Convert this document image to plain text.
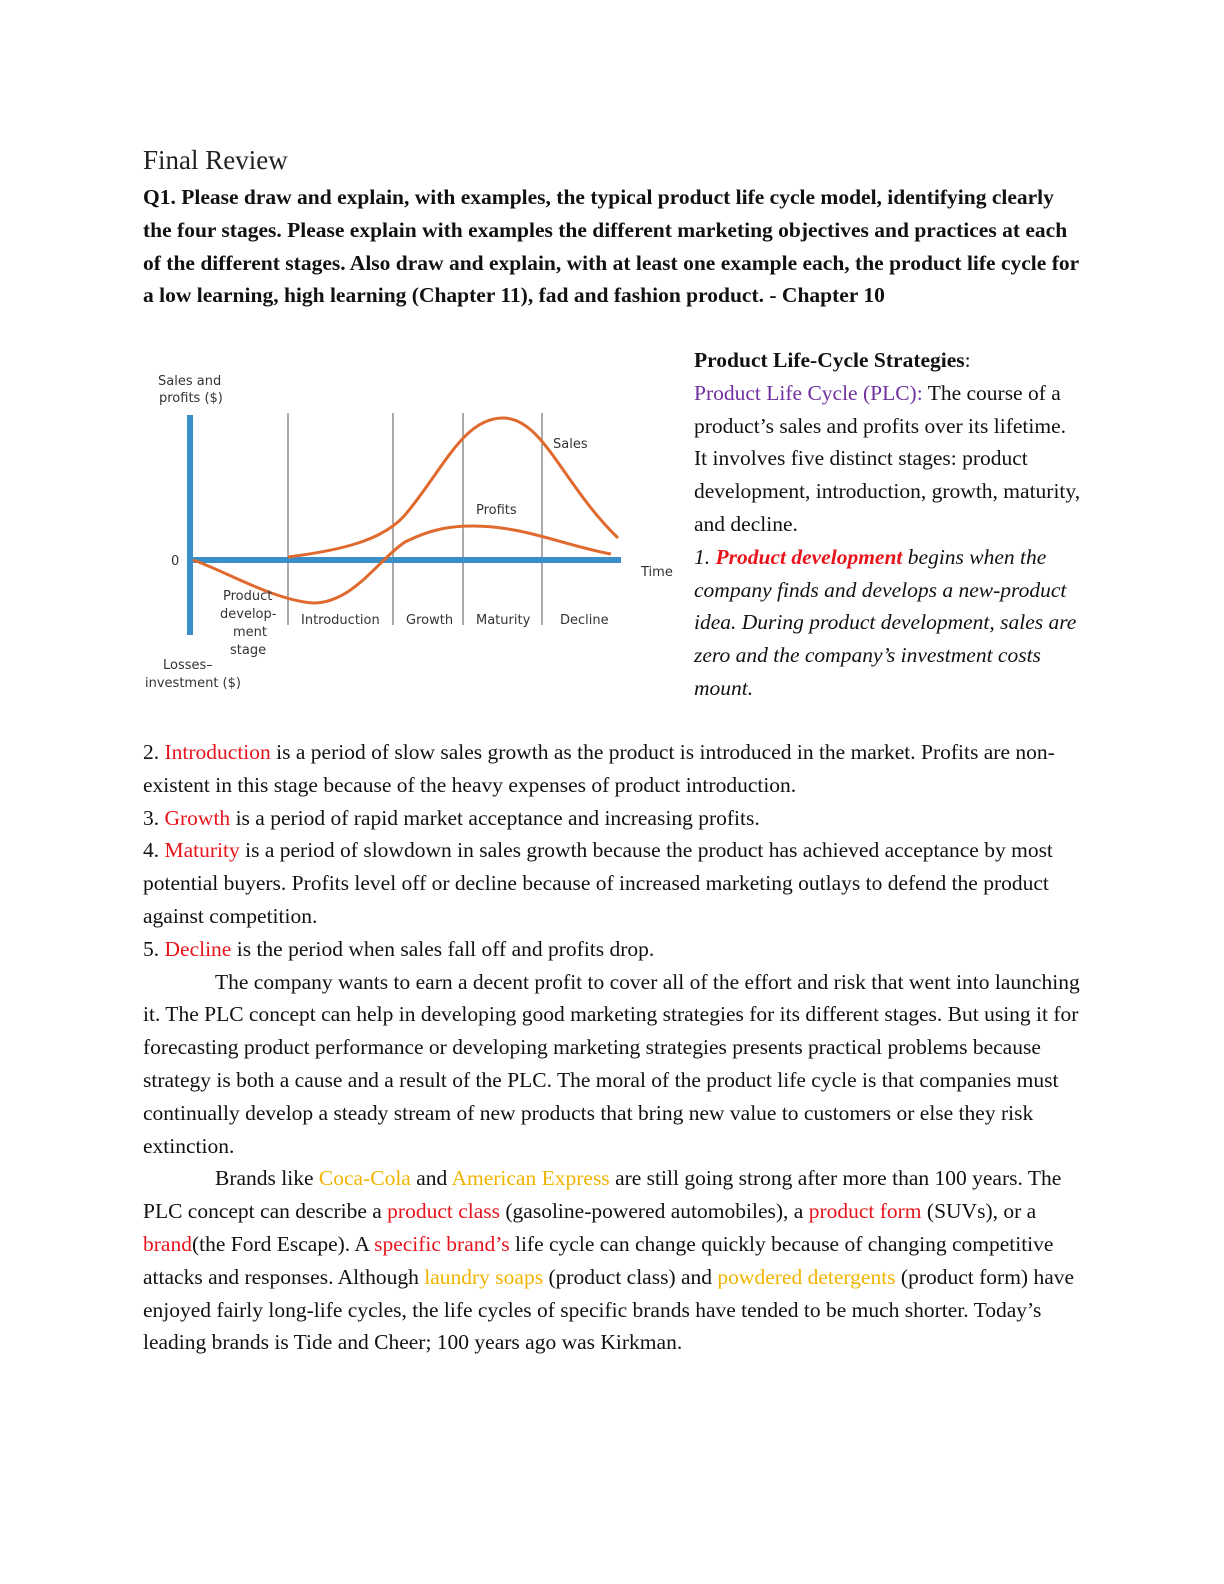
Final Review
Q1. Please draw and explain, with examples, the typical product life cycle model, identifying clearly the four stages. Please explain with examples the different marketing objectives and practices at each of the different stages. Also draw and explain, with at least one example each, the product life cycle for a low learning, high learning (Chapter 11), fad and fashion product. - Chapter 10
Sales and
profits ($)
0
Losses–
investment ($)
Sales
Profits
Time
Product
develop-
ment
stage
Introduction Growth Maturity Decline

Product Life-Cycle Strategies:

Product Life Cycle (PLC): The course of a product’s sales and profits over its lifetime. It involves five distinct stages: product development, introduction, growth, maturity, and decline.

1. Product development begins when the company finds and develops a new-product idea. During product development, sales are zero and the company’s investment costs mount.

2. Introduction is a period of slow sales growth as the product is introduced in the market. Profits are non-existent in this stage because of the heavy expenses of product introduction.

3. Growth is a period of rapid market acceptance and increasing profits.

4. Maturity is a period of slowdown in sales growth because the product has achieved acceptance by most potential buyers. Profits level off or decline because of increased marketing outlays to defend the product against competition.

5. Decline is the period when sales fall off and profits drop.

The company wants to earn a decent profit to cover all of the effort and risk that went into launching it. The PLC concept can help in developing good marketing strategies for its different stages. But using it for forecasting product performance or developing marketing strategies presents practical problems because strategy is both a cause and a result of the PLC. The moral of the product life cycle is that companies must continually develop a steady stream of new products that bring new value to customers or else they risk extinction.

Brands like Coca-Cola and American Express are still going strong after more than 100 years. The PLC concept can describe a product class (gasoline-powered automobiles), a product form (SUVs), or a brand(the Ford Escape). A specific brand’s life cycle can change quickly because of changing competitive attacks and responses. Although laundry soaps (product class) and powdered detergents (product form) have enjoyed fairly long-life cycles, the life cycles of specific brands have tended to be much shorter. Today’s leading brands is Tide and Cheer; 100 years ago was Kirkman.
